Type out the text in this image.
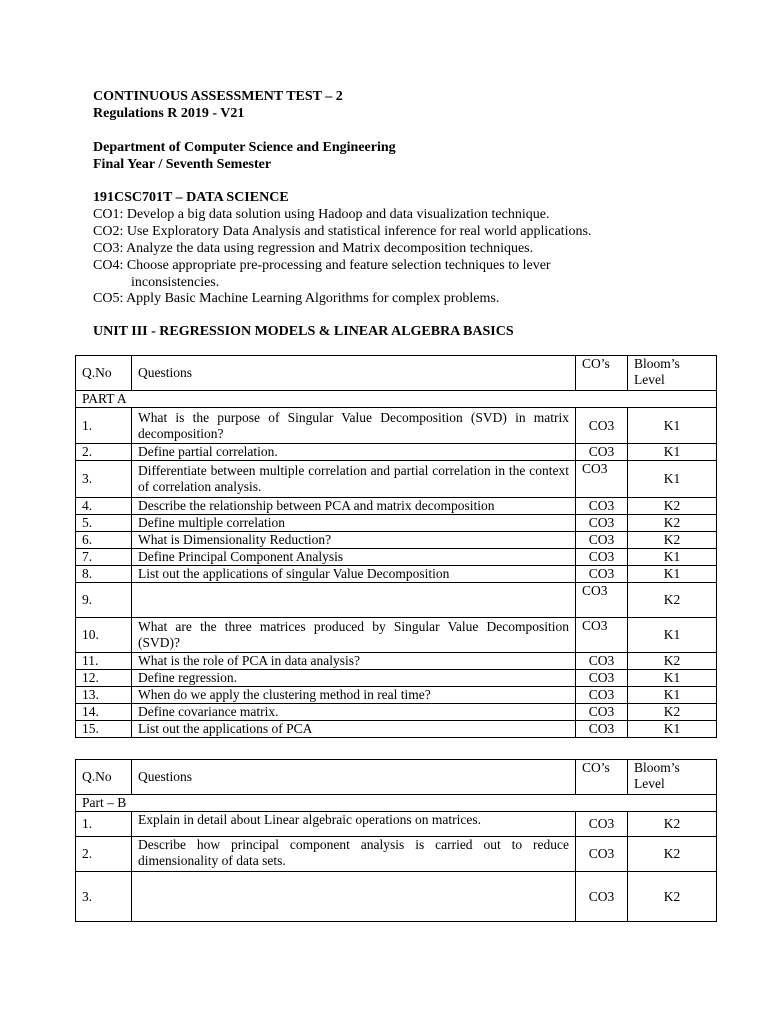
CONTINUOUS ASSESSMENT TEST – 2
Regulations R 2019 - V21
Department of Computer Science and Engineering
Final Year / Seventh Semester
191CSC701T – DATA SCIENCE
CO1: Develop a big data solution using Hadoop and data visualization technique.
CO2: Use Exploratory Data Analysis and statistical inference for real world applications.
CO3: Analyze the data using regression and Matrix decomposition techniques.
CO4: Choose appropriate pre-processing and feature selection techniques to lever
inconsistencies.
CO5: Apply Basic Machine Learning Algorithms for complex problems.
UNIT III - REGRESSION MODELS & LINEAR ALGEBRA BASICS
Q.No	Questions	CO’s	Bloom’s Level
PART A			
1.	What is the purpose of Singular Value Decomposition (SVD) in matrix decomposition?	CO3	K1
2.	Define partial correlation.	CO3	K1
3.	Differentiate between multiple correlation and partial correlation in the context of correlation analysis.	CO3	K1
4.	Describe the relationship between PCA and matrix decomposition	CO3	K2
5.	Define multiple correlation	CO3	K2
6.	What is Dimensionality Reduction?	CO3	K2
7.	Define Principal Component Analysis	CO3	K1
8.	List out the applications of singular Value Decomposition	CO3	K1
9.		CO3	K2
10.	What are the three matrices produced by Singular Value Decomposition (SVD)?	CO3	K1
11.	What is the role of PCA in data analysis?	CO3	K2
12.	Define regression.	CO3	K1
13.	When do we apply the clustering method in real time?	CO3	K1
14.	Define covariance matrix.	CO3	K2
15.	List out the applications of PCA	CO3	K1
Q.No	Questions	CO’s	Bloom’s Level
Part – B			
1.	Explain in detail about Linear algebraic operations on matrices.	CO3	K2
2.	Describe how principal component analysis is carried out to reduce dimensionality of data sets.	CO3	K2
3.		CO3	K2
